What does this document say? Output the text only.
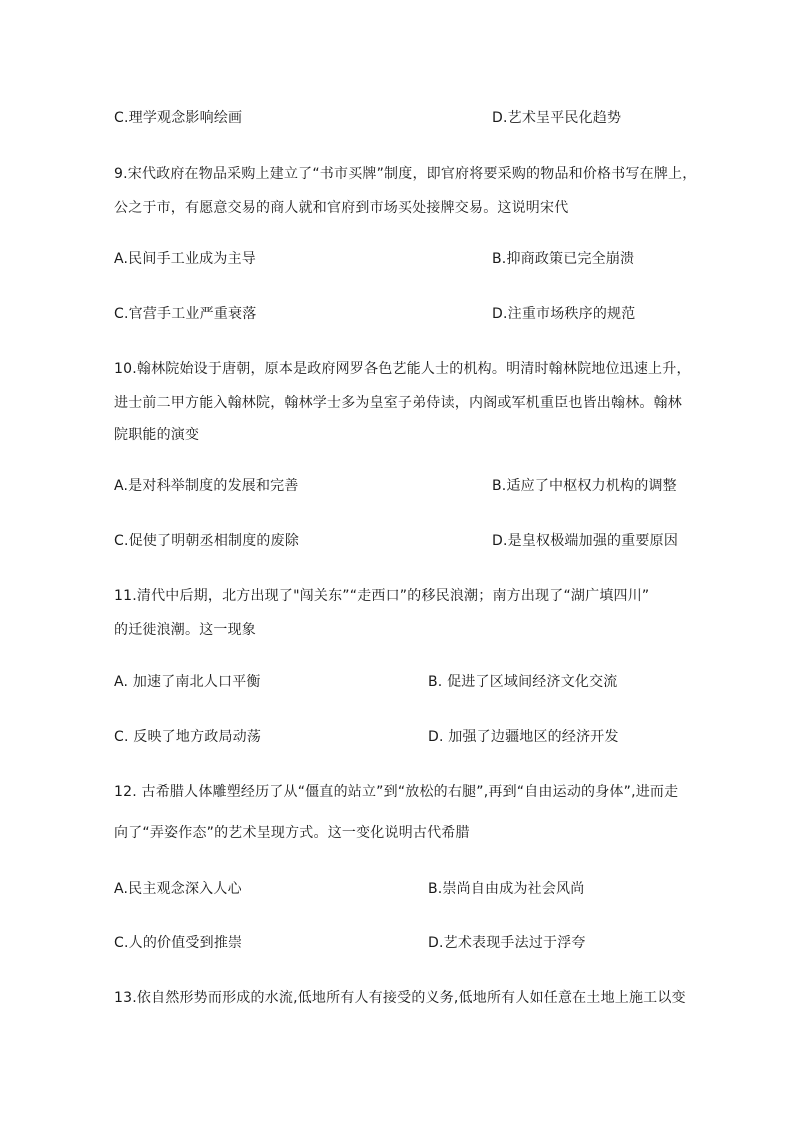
C.理学观念影响绘画	D.艺术呈平民化趋势
9.宋代政府在物品采购上建立了“书市买牌”制度，即官府将要采购的物品和价格书写在牌上，
公之于市，有愿意交易的商人就和官府到市场买处接牌交易。这说明宋代
A.民间手工业成为主导	B.抑商政策已完全崩溃
C.官营手工业严重衰落	D.注重市场秩序的规范
10.翰林院始设于唐朝，原本是政府网罗各色艺能人士的机构。明清时翰林院地位迅速上升，
进士前二甲方能入翰林院，翰林学士多为皇室子弟侍读，内阁或军机重臣也皆出翰林。翰林
院职能的演变
A.是对科举制度的发展和完善	B.适应了中枢权力机构的调整
C.促使了明朝丞相制度的废除	D.是皇权极端加强的重要原因
11.清代中后期，北方出现了"闯关东”“走西口”的移民浪潮；南方出现了“湖广填四川”
的迁徙浪潮。这一现象
A. 加速了南北人口平衡	B. 促进了区域间经济文化交流
C. 反映了地方政局动荡	D. 加强了边疆地区的经济开发
12. 古希腊人体雕塑经历了从“僵直的站立”到“放松的右腿”,再到“自由运动的身体”,进而走
向了“弄姿作态”的艺术呈现方式。这一变化说明古代希腊
A.民主观念深入人心	B.崇尚自由成为社会风尚
C.人的价值受到推崇	D.艺术表现手法过于浮夸
13.依自然形势而形成的水流,低地所有人有接受的义务,低地所有人如任意在土地上施工以变
